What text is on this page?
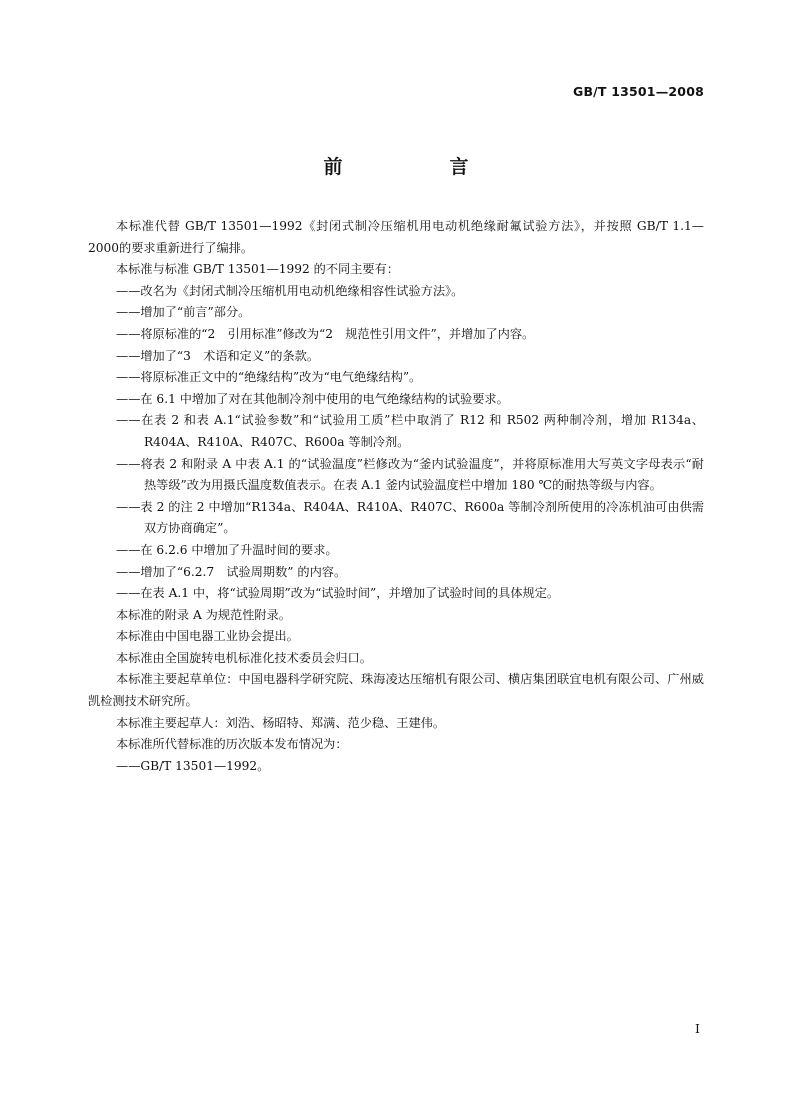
GB/T 13501—2008
前　言

本标准代替 GB/T 13501—1992《封闭式制冷压缩机用电动机绝缘耐氟试验方法》，并按照 GB/T 1.1—2000的要求重新进行了编排。

本标准与标准 GB/T 13501—1992 的不同主要有：

——改名为《封闭式制冷压缩机用电动机绝缘相容性试验方法》。

——增加了“前言”部分。

——将原标准的“2　引用标准”修改为“2　规范性引用文件”，并增加了内容。

——增加了“3　术语和定义”的条款。

——将原标准正文中的“绝缘结构”改为“电气绝缘结构”。

——在 6.1 中增加了对在其他制冷剂中使用的电气绝缘结构的试验要求。

——在表 2 和表 A.1“试验参数”和“试验用工质”栏中取消了 R12 和 R502 两种制冷剂，增加 R134a、R404A、R410A、R407C、R600a 等制冷剂。

——将表 2 和附录 A 中表 A.1 的“试验温度”栏修改为“釜内试验温度”，并将原标准用大写英文字母表示“耐热等级”改为用摄氏温度数值表示。在表 A.1 釜内试验温度栏中增加 180 ℃的耐热等级与内容。

——表 2 的注 2 中增加“R134a、R404A、R410A、R407C、R600a 等制冷剂所使用的冷冻机油可由供需双方协商确定”。

——在 6.2.6 中增加了升温时间的要求。

——增加了“6.2.7　试验周期数” 的内容。

——在表 A.1 中，将“试验周期”改为“试验时间”，并增加了试验时间的具体规定。

本标准的附录 A 为规范性附录。

本标准由中国电器工业协会提出。

本标准由全国旋转电机标准化技术委员会归口。

本标准主要起草单位：中国电器科学研究院、珠海凌达压缩机有限公司、横店集团联宜电机有限公司、广州威凯检测技术研究所。

本标准主要起草人：刘浩、杨昭特、郑满、范少稳、王建伟。

本标准所代替标准的历次版本发布情况为：

——GB/T 13501—1992。

I
